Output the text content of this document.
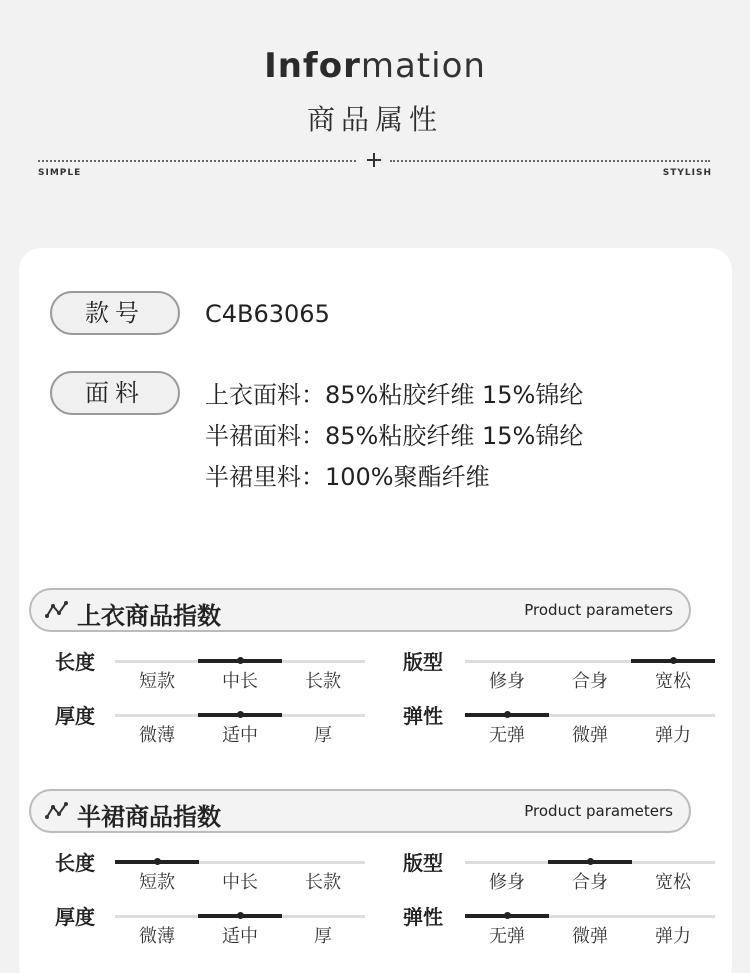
Information
商品属性
SIMPLE	STYLISH
款号	C4B63065
面料	上衣面料：85%粘胶纤维 15%锦纶
半裙面料：85%粘胶纤维 15%锦纶
半裙里料：100%聚酯纤维
上衣商品指数	Product parameters
长度
短款	中长	长款
版型
修身	合身	宽松
厚度
微薄	适中	厚
弹性
无弹	微弹	弹力
半裙商品指数	Product parameters
长度
短款	中长	长款
版型
修身	合身	宽松
厚度
微薄	适中	厚
弹性
无弹	微弹	弹力
